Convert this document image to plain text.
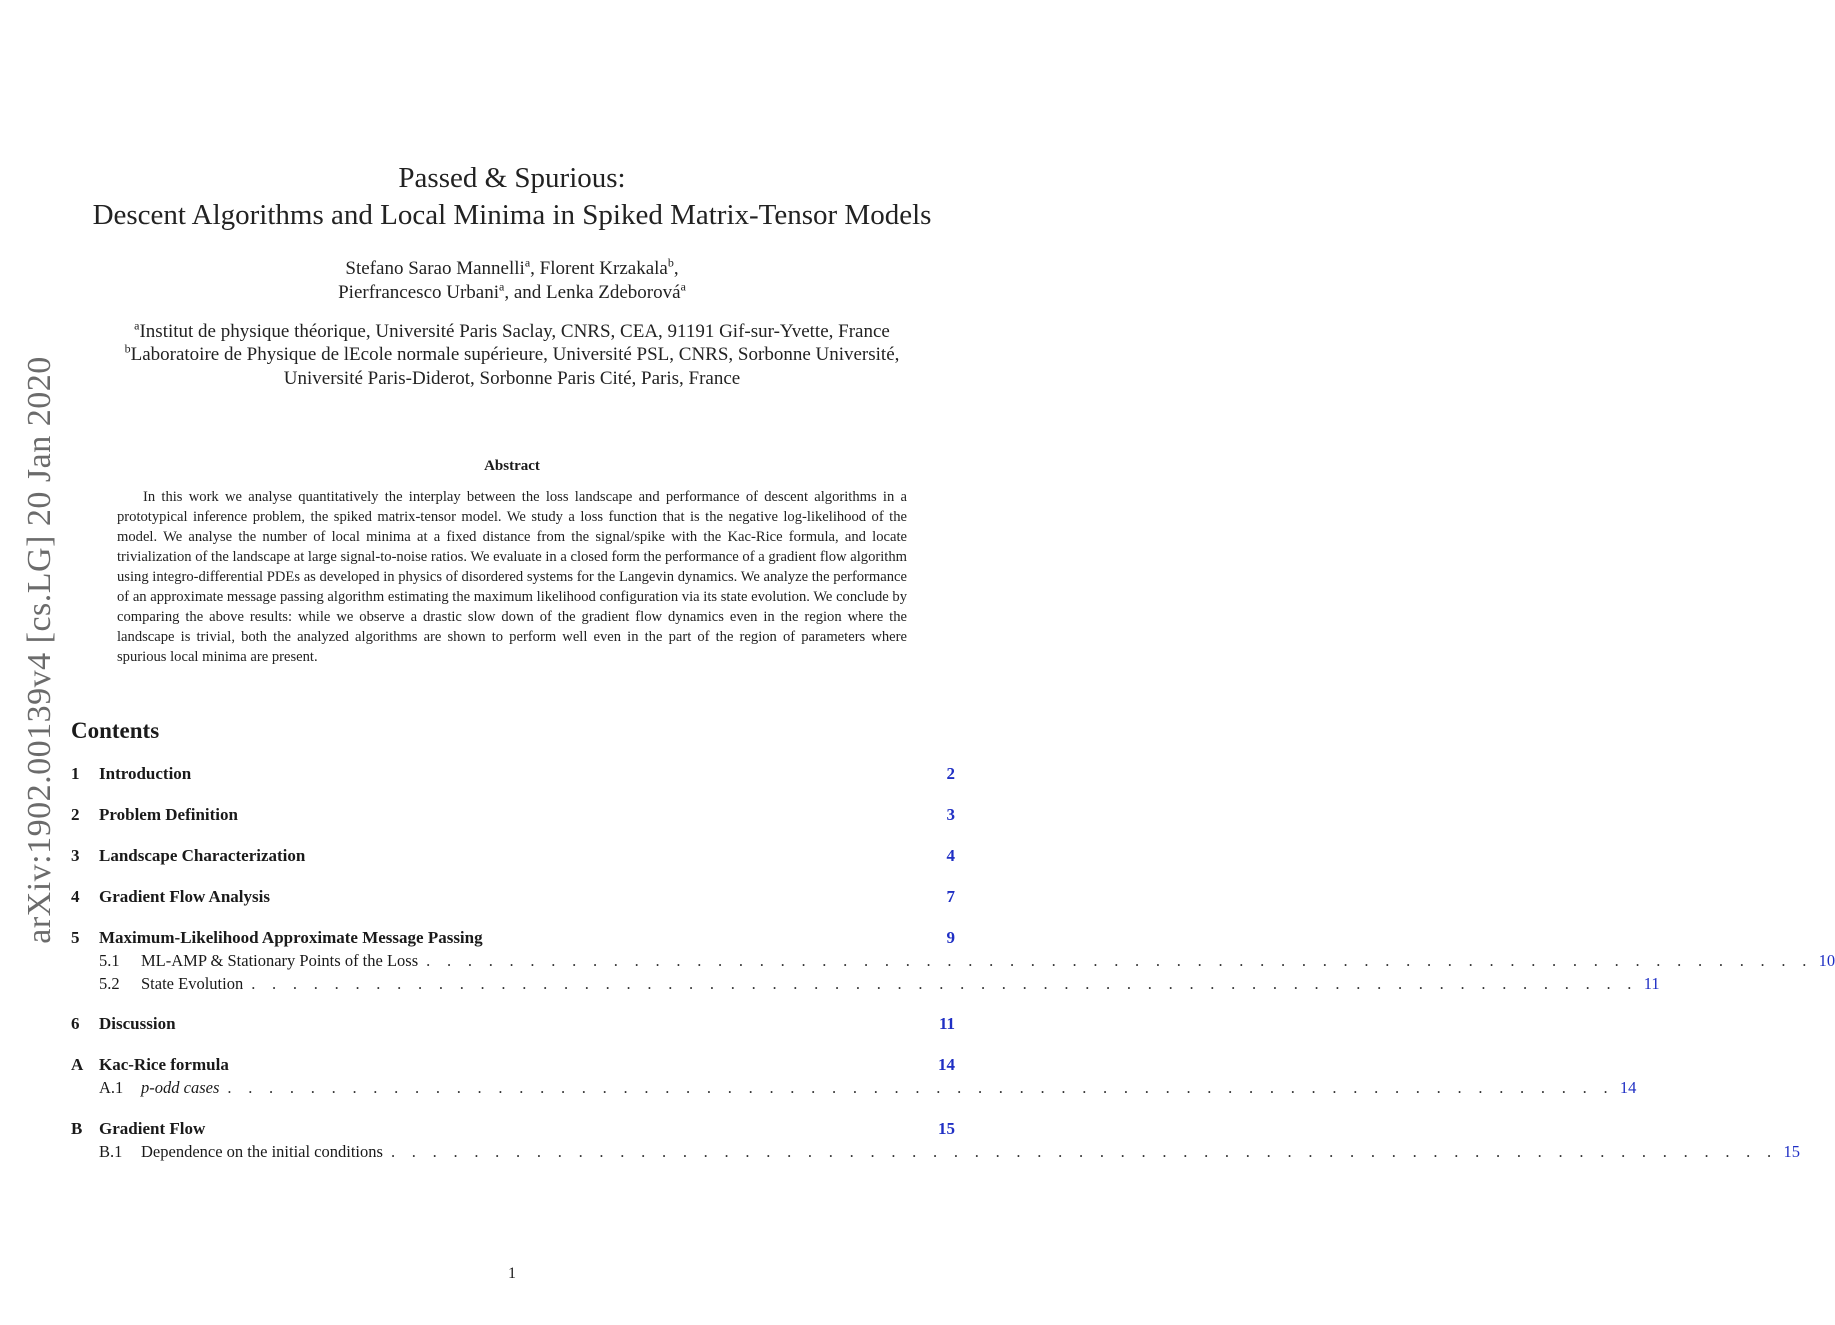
arXiv:1902.00139v4 [cs.LG] 20 Jan 2020
Passed & Spurious:
Descent Algorithms and Local Minima in Spiked Matrix-Tensor Models
Stefano Sarao Mannelli$^a$, Florent Krzakala$^b$,
Pierfrancesco Urbani$^a$, and Lenka Zdeborová$^a$
$^a$Institut de physique théorique, Université Paris Saclay, CNRS, CEA, 91191 Gif-sur-Yvette, France
$^b$Laboratoire de Physique de lEcole normale supérieure, Université PSL, CNRS, Sorbonne Université,
Université Paris-Diderot, Sorbonne Paris Cité, Paris, France
Abstract
In this work we analyse quantitatively the interplay between the loss landscape and performance of descent algorithms in a prototypical inference problem, the spiked matrix-tensor model. We study a loss function that is the negative log-likelihood of the model. We analyse the number of local minima at a fixed distance from the signal/spike with the Kac-Rice formula, and locate trivialization of the landscape at large signal-to-noise ratios. We evaluate in a closed form the performance of a gradient flow algorithm using integro-differential PDEs as developed in physics of disordered systems for the Langevin dynamics. We analyze the performance of an approximate message passing algorithm estimating the maximum likelihood configuration via its state evolution. We conclude by comparing the above results: while we observe a drastic slow down of the gradient flow dynamics even in the region where the landscape is trivial, both the analyzed algorithms are shown to perform well even in the part of the region of parameters where spurious local minima are present.
Contents
1	Introduction	2
2	Problem Definition	3
3	Landscape Characterization	4
4	Gradient Flow Analysis	7
5	Maximum-Likelihood Approximate Message Passing	9
5.1	ML-AMP & Stationary Points of the Loss . . . . . . . . . . . . . . . . . . . . . . . . . . . . . . . . . . . . . . . . . . . . . . . . . . . . . . . . . . . . . . . . . . . 10
5.2	State Evolution . . . . . . . . . . . . . . . . . . . . . . . . . . . . . . . . . . . . . . . . . . . . . . . . . . . . . . . . . . . . . . . . . . . 11
6	Discussion	11
A Kac-Rice formula	14
A.1	p-odd cases . . . . . . . . . . . . . . . . . . . . . . . . . . . . . . . . . . . . . . . . . . . . . . . . . . . . . . . . . . . . . . . . . . . 14
B Gradient Flow	15
B.1	Dependence on the initial conditions . . . . . . . . . . . . . . . . . . . . . . . . . . . . . . . . . . . . . . . . . . . . . . . . . . . . . . . . . . . . . . . . . . . 15
1
